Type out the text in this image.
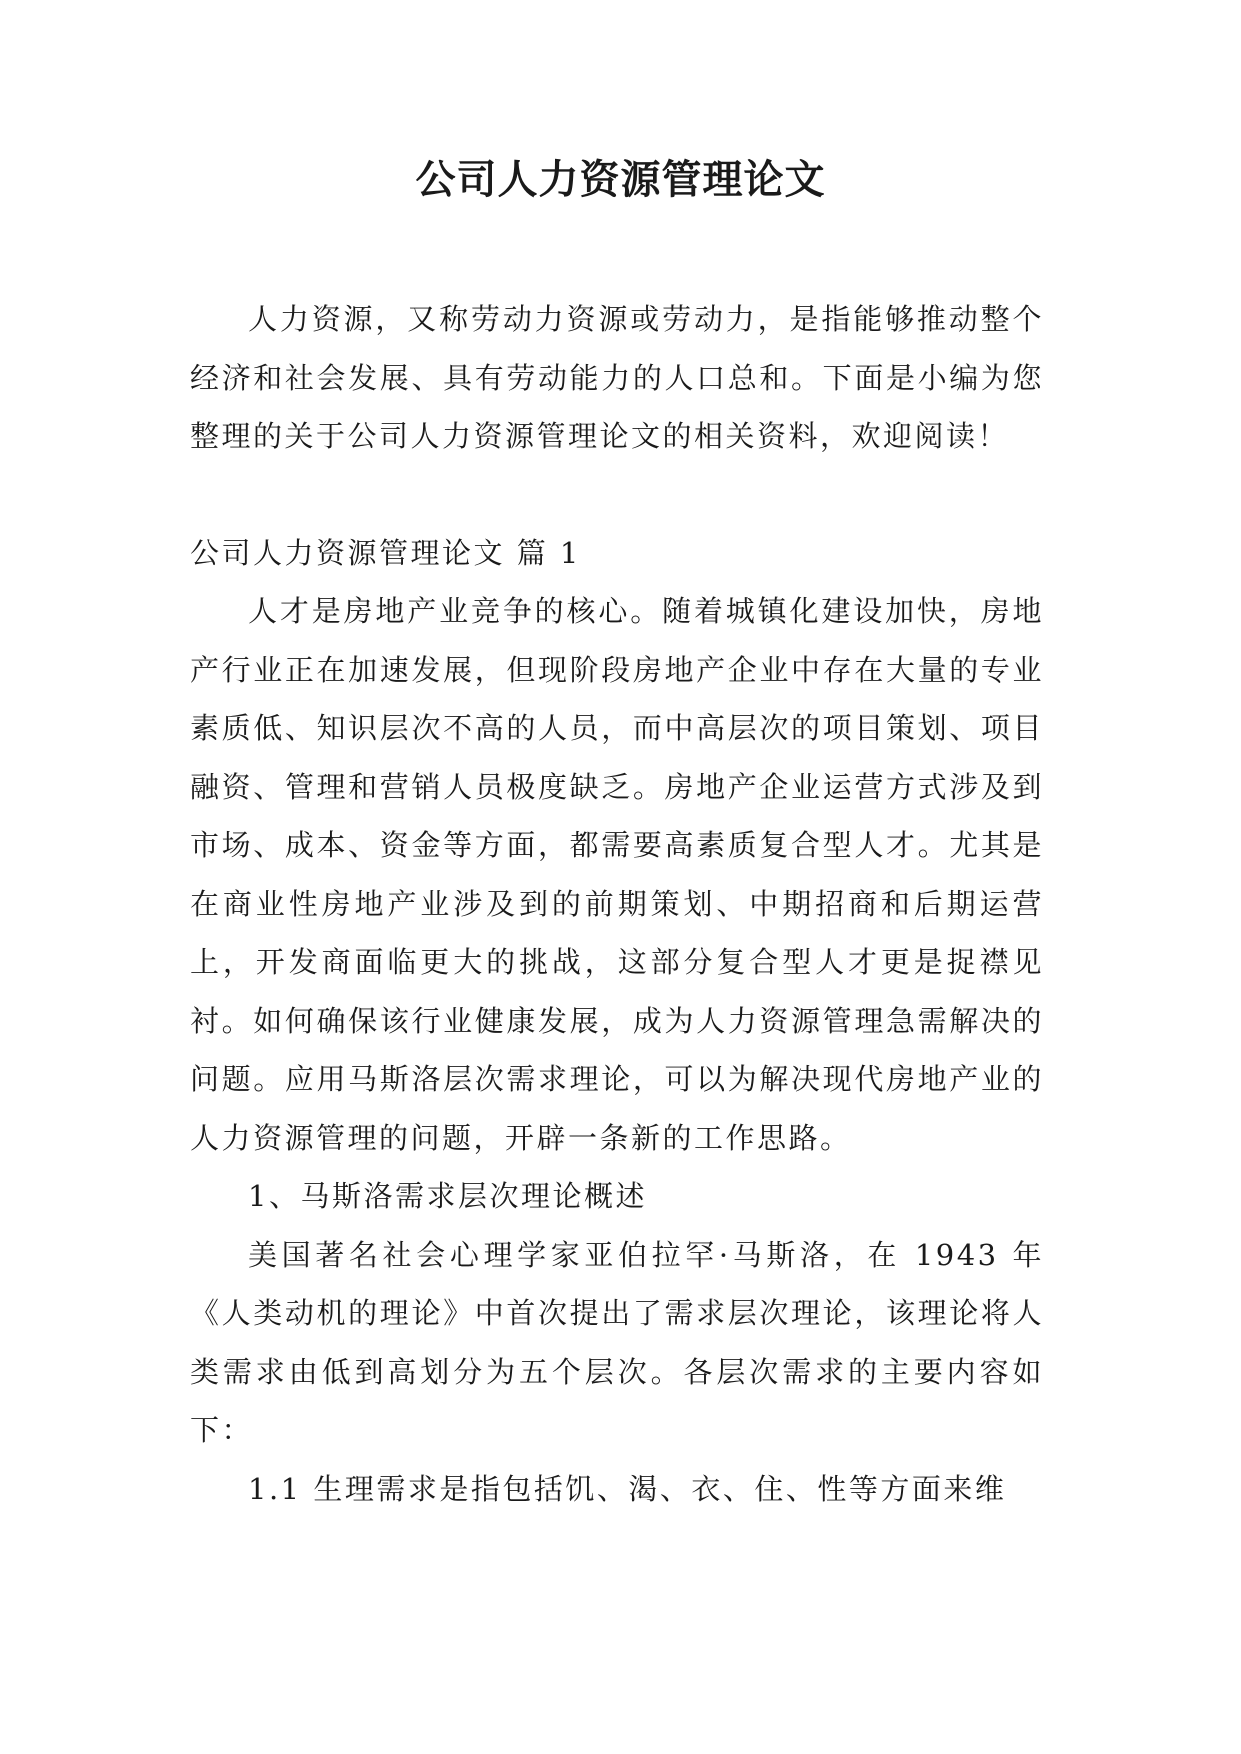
公司人力资源管理论文

人力资源，又称劳动力资源或劳动力，是指能够推动整个经济和社会发展、具有劳动能力的人口总和。下面是小编为您整理的关于公司人力资源管理论文的相关资料，欢迎阅读！

公司人力资源管理论文 篇 1

人才是房地产业竞争的核心。随着城镇化建设加快，房地产行业正在加速发展，但现阶段房地产企业中存在大量的专业素质低、知识层次不高的人员，而中高层次的项目策划、项目融资、管理和营销人员极度缺乏。房地产企业运营方式涉及到市场、成本、资金等方面，都需要高素质复合型人才。尤其是在商业性房地产业涉及到的前期策划、中期招商和后期运营上，开发商面临更大的挑战，这部分复合型人才更是捉襟见衬。如何确保该行业健康发展，成为人力资源管理急需解决的问题。应用马斯洛层次需求理论，可以为解决现代房地产业的人力资源管理的问题，开辟一条新的工作思路。

1、马斯洛需求层次理论概述

美国著名社会心理学家亚伯拉罕·马斯洛，在 1943 年《人类动机的理论》中首次提出了需求层次理论，该理论将人类需求由低到高划分为五个层次。各层次需求的主要内容如下：

1.1 生理需求是指包括饥、渴、衣、住、性等方面来维
